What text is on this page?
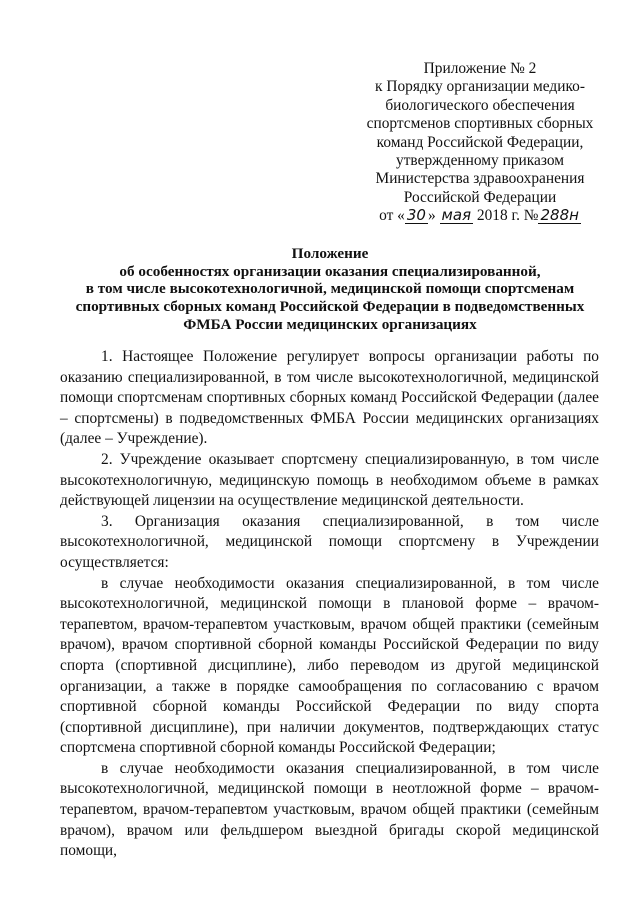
Приложение № 2
к Порядку организации медико-
биологического обеспечения
спортсменов спортивных сборных
команд Российской Федерации,
утвержденному приказом
Министерства здравоохранения
Российской Федерации
от « 30 » мая 2018 г. № 288н
Положение
об особенностях организации оказания специализированной,
в том числе высокотехнологичной, медицинской помощи спортсменам
спортивных сборных команд Российской Федерации в подведомственных
ФМБА России медицинских организациях

1. Настоящее Положение регулирует вопросы организации работы по оказанию специализированной, в том числе высокотехнологичной, медицинской помощи спортсменам спортивных сборных команд Российской Федерации (далее – спортсмены) в подведомственных ФМБА России медицинских организациях (далее – Учреждение).

2. Учреждение оказывает спортсмену специализированную, в том числе высокотехнологичную, медицинскую помощь в необходимом объеме в рамках действующей лицензии на осуществление медицинской деятельности.

3. Организация оказания специализированной, в том числе высокотехнологичной, медицинской помощи спортсмену в Учреждении осуществляется:

в случае необходимости оказания специализированной, в том числе высокотехнологичной, медицинской помощи в плановой форме – врачом-терапевтом, врачом-терапевтом участковым, врачом общей практики (семейным врачом), врачом спортивной сборной команды Российской Федерации по виду спорта (спортивной дисциплине), либо переводом из другой медицинской организации, а также в порядке самообращения по согласованию с врачом спортивной сборной команды Российской Федерации по виду спорта (спортивной дисциплине), при наличии документов, подтверждающих статус спортсмена спортивной сборной команды Российской Федерации;

в случае необходимости оказания специализированной, в том числе высокотехнологичной, медицинской помощи в неотложной форме – врачом-терапевтом, врачом-терапевтом участковым, врачом общей практики (семейным врачом), врачом или фельдшером выездной бригады скорой медицинской помощи,
